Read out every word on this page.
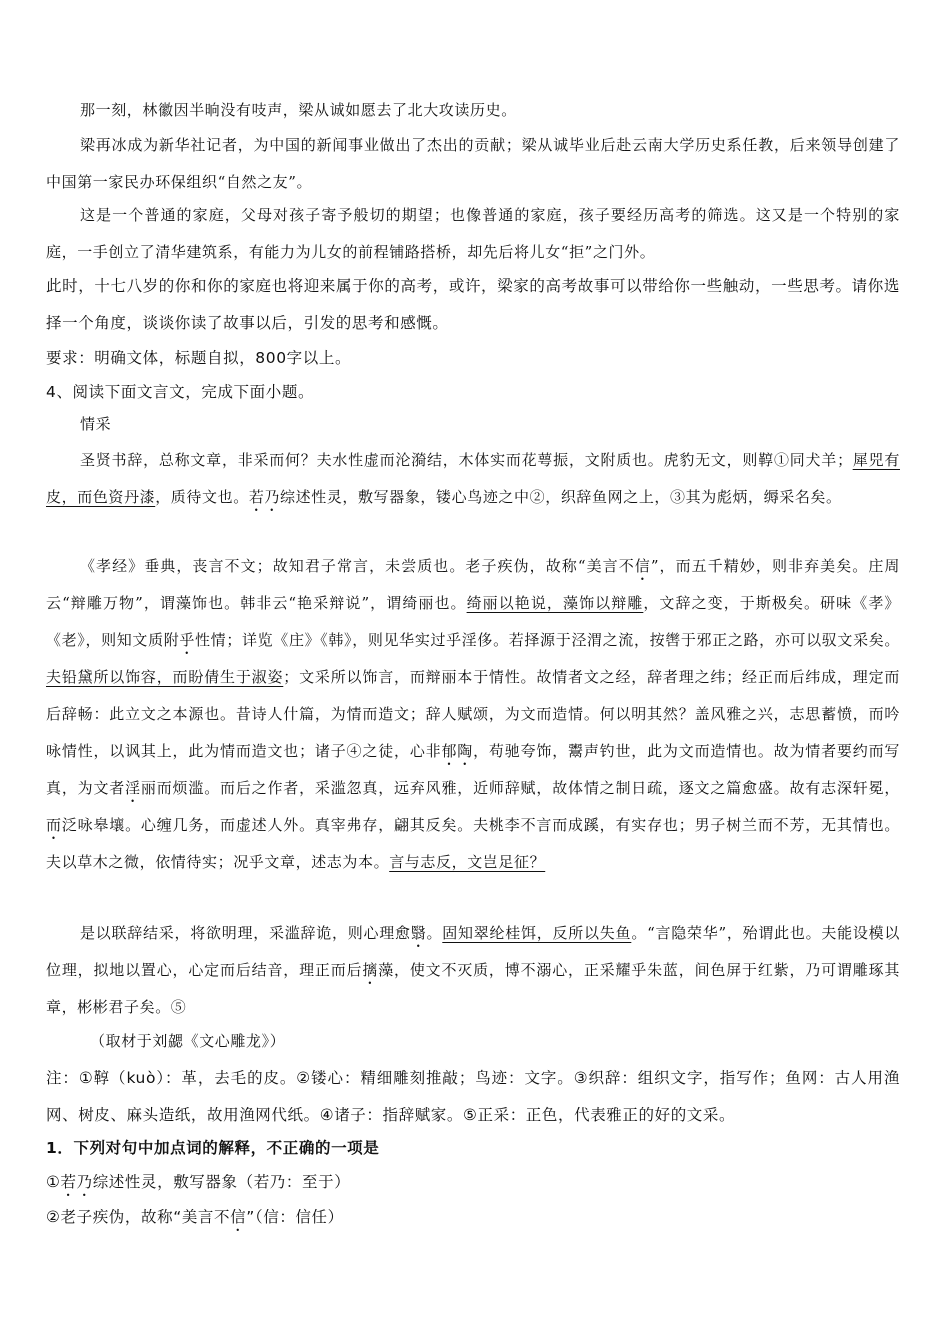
那一刻，林徽因半晌没有吱声，梁从诚如愿去了北大攻读历史。

梁再冰成为新华社记者，为中国的新闻事业做出了杰出的贡献；梁从诚毕业后赴云南大学历史系任教，后来领导创建了中国第一家民办环保组织“自然之友”。

这是一个普通的家庭，父母对孩子寄予般切的期望；也像普通的家庭，孩子要经历高考的筛选。这又是一个特别的家庭，一手创立了清华建筑系，有能力为儿女的前程铺路搭桥，却先后将儿女“拒”之门外。

此时，十七八岁的你和你的家庭也将迎来属于你的高考，或许，梁家的高考故事可以带给你一些触动，一些思考。请你选择一个角度，谈谈你读了故事以后，引发的思考和感慨。

要求：明确文体，标题自拟，800字以上。

4、阅读下面文言文，完成下面小题。

情采

圣贤书辞，总称文章，非采而何？夫水性虚而沦漪结，木体实而花萼振，文附质也。虎豹无文，则鞟①同犬羊；犀兕有皮，而色资丹漆，质待文也。若乃综述性灵，敷写器象，镂心鸟迹之中②，织辞鱼网之上，③其为彪炳，缛采名矣。

《孝经》垂典，丧言不文；故知君子常言，未尝质也。老子疾伪，故称“美言不信”，而五千精妙，则非弃美矣。庄周云“辩雕万物”，谓藻饰也。韩非云“艳采辩说”，谓绮丽也。绮丽以艳说，藻饰以辩雕，文辞之变，于斯极矣。研味《孝》《老》，则知文质附乎性情；详览《庄》《韩》，则见华实过乎淫侈。若择源于泾渭之流，按辔于邪正之路，亦可以驭文采矣。夫铅黛所以饰容，而盼倩生于淑姿；文采所以饰言，而辩丽本于情性。故情者文之经，辞者理之纬；经正而后纬成，理定而后辞畅：此立文之本源也。昔诗人什篇，为情而造文；辞人赋颂，为文而造情。何以明其然？盖风雅之兴，志思蓄愤，而吟咏情性，以讽其上，此为情而造文也；诸子④之徒，心非郁陶，苟驰夸饰，鬻声钓世，此为文而造情也。故为情者要约而写真，为文者淫丽而烦滥。而后之作者，采滥忽真，远弃风雅，近师辞赋，故体情之制日疏，逐文之篇愈盛。故有志深轩冕，而泛咏皋壤。心缠几务，而虚述人外。真宰弗存，翩其反矣。夫桃李不言而成蹊，有实存也；男子树兰而不芳，无其情也。夫以草木之微，依情待实；况乎文章，述志为本。言与志反，文岂足征？

是以联辞结采，将欲明理，采滥辞诡，则心理愈翳。固知翠纶桂饵，反所以失鱼。“言隐荣华”，殆谓此也。夫能设模以位理，拟地以置心，心定而后结音，理正而后摛藻，使文不灭质，博不溺心，正采耀乎朱蓝，间色屏于红紫，乃可谓雕琢其章，彬彬君子矣。⑤

（取材于刘勰《文心雕龙》）

注：①鞟（kuò）：革，去毛的皮。②镂心：精细雕刻推敲；鸟迹：文字。③织辞：组织文字，指写作；鱼网：古人用渔网、树皮、麻头造纸，故用渔网代纸。④诸子：指辞赋家。⑤正采：正色，代表雅正的好的文采。

1．下列对句中加点词的解释，不正确的一项是

①若乃综述性灵，敷写器象（若乃：至于）

②老子疾伪，故称“美言不信”（信：信任）
